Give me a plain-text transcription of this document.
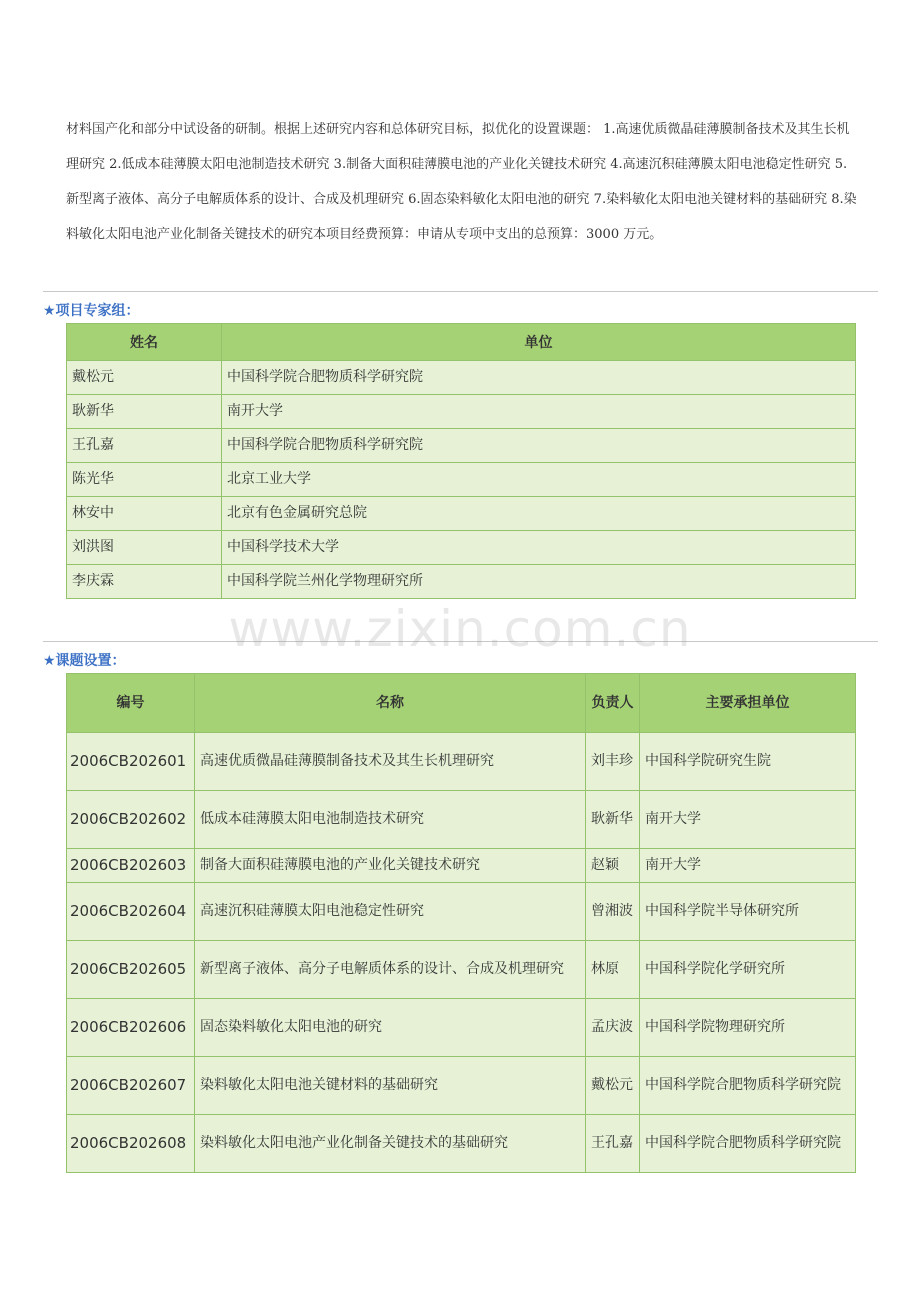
材料国产化和部分中试设备的研制。根据上述研究内容和总体研究目标，拟优化的设置课题： 1.高速优质微晶硅薄膜制备技术及其生长机理研究 2.低成本硅薄膜太阳电池制造技术研究 3.制备大面积硅薄膜电池的产业化关键技术研究 4.高速沉积硅薄膜太阳电池稳定性研究 5.新型离子液体、高分子电解质体系的设计、合成及机理研究 6.固态染料敏化太阳电池的研究 7.染料敏化太阳电池关键材料的基础研究 8.染料敏化太阳电池产业化制备关键技术的研究本项目经费预算：申请从专项中支出的总预算：3000 万元。

★项目专家组：
姓名	单位
戴松元	中国科学院合肥物质科学研究院
耿新华	南开大学
王孔嘉	中国科学院合肥物质科学研究院
陈光华	北京工业大学
林安中	北京有色金属研究总院
刘洪图	中国科学技术大学
李庆霖	中国科学院兰州化学物理研究所
www.zixin.com.cn
★课题设置：
编号	名称	负责人	主要承担单位
2006CB202601	高速优质微晶硅薄膜制备技术及其生长机理研究	刘丰珍	中国科学院研究生院
2006CB202602	低成本硅薄膜太阳电池制造技术研究	耿新华	南开大学
2006CB202603	制备大面积硅薄膜电池的产业化关键技术研究	赵颖	南开大学
2006CB202604	高速沉积硅薄膜太阳电池稳定性研究	曾湘波	中国科学院半导体研究所
2006CB202605	新型离子液体、高分子电解质体系的设计、合成及机理研究	林原	中国科学院化学研究所
2006CB202606	固态染料敏化太阳电池的研究	孟庆波	中国科学院物理研究所
2006CB202607	染料敏化太阳电池关键材料的基础研究	戴松元	中国科学院合肥物质科学研究院
2006CB202608	染料敏化太阳电池产业化制备关键技术的基础研究	王孔嘉	中国科学院合肥物质科学研究院
